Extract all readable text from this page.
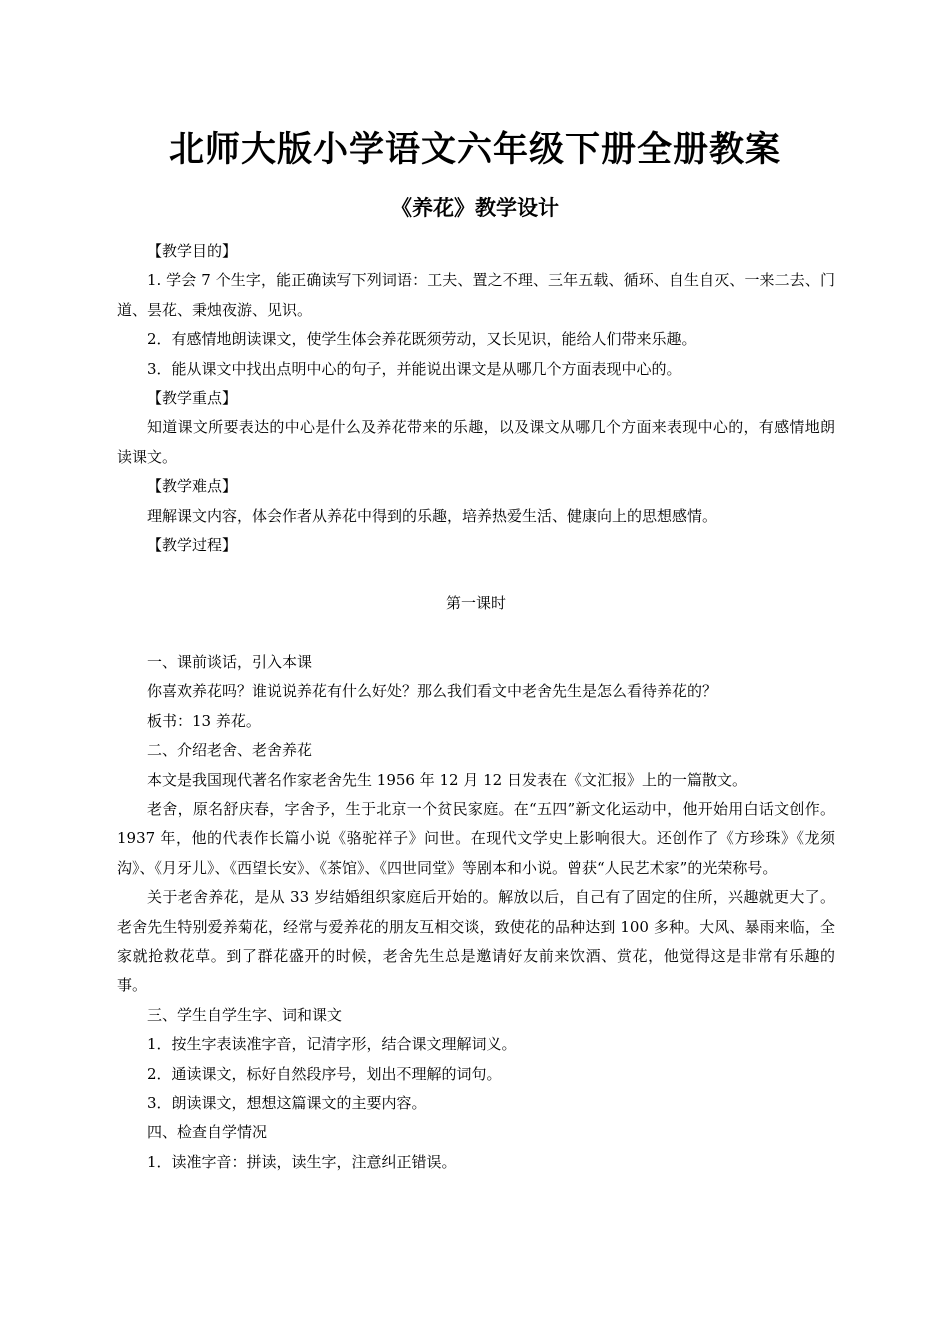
北师大版小学语文六年级下册全册教案
《养花》教学设计

【教学目的】

1. 学会 7 个生字，能正确读写下列词语：工夫、置之不理、三年五载、循环、自生自灭、一来二去、门道、昙花、秉烛夜游、见识。

2．有感情地朗读课文，使学生体会养花既须劳动，又长见识，能给人们带来乐趣。

3．能从课文中找出点明中心的句子，并能说出课文是从哪几个方面表现中心的。

【教学重点】

知道课文所要表达的中心是什么及养花带来的乐趣，以及课文从哪几个方面来表现中心的，有感情地朗读课文。

【教学难点】

理解课文内容，体会作者从养花中得到的乐趣，培养热爱生活、健康向上的思想感情。

【教学过程】

第一课时

一、课前谈话，引入本课

你喜欢养花吗？谁说说养花有什么好处？那么我们看文中老舍先生是怎么看待养花的？

板书：13 养花。

二、介绍老舍、老舍养花

本文是我国现代著名作家老舍先生 1956 年 12 月 12 日发表在《文汇报》上的一篇散文。

老舍，原名舒庆春，字舍予，生于北京一个贫民家庭。在“五四”新文化运动中，他开始用白话文创作。1937 年，他的代表作长篇小说《骆驼祥子》问世。在现代文学史上影响很大。还创作了《方珍珠》《龙须沟》、《月牙儿》、《西望长安》、《茶馆》、《四世同堂》等剧本和小说。曾获“人民艺术家”的光荣称号。

关于老舍养花，是从 33 岁结婚组织家庭后开始的。解放以后，自己有了固定的住所，兴趣就更大了。老舍先生特别爱养菊花，经常与爱养花的朋友互相交谈，致使花的品种达到 100 多种。大风、暴雨来临，全家就抢救花草。到了群花盛开的时候，老舍先生总是邀请好友前来饮酒、赏花，他觉得这是非常有乐趣的事。

三、学生自学生字、词和课文

1．按生字表读准字音，记清字形，结合课文理解词义。

2．通读课文，标好自然段序号，划出不理解的词句。

3．朗读课文，想想这篇课文的主要内容。

四、检查自学情况

1．读准字音：拼读，读生字，注意纠正错误。
